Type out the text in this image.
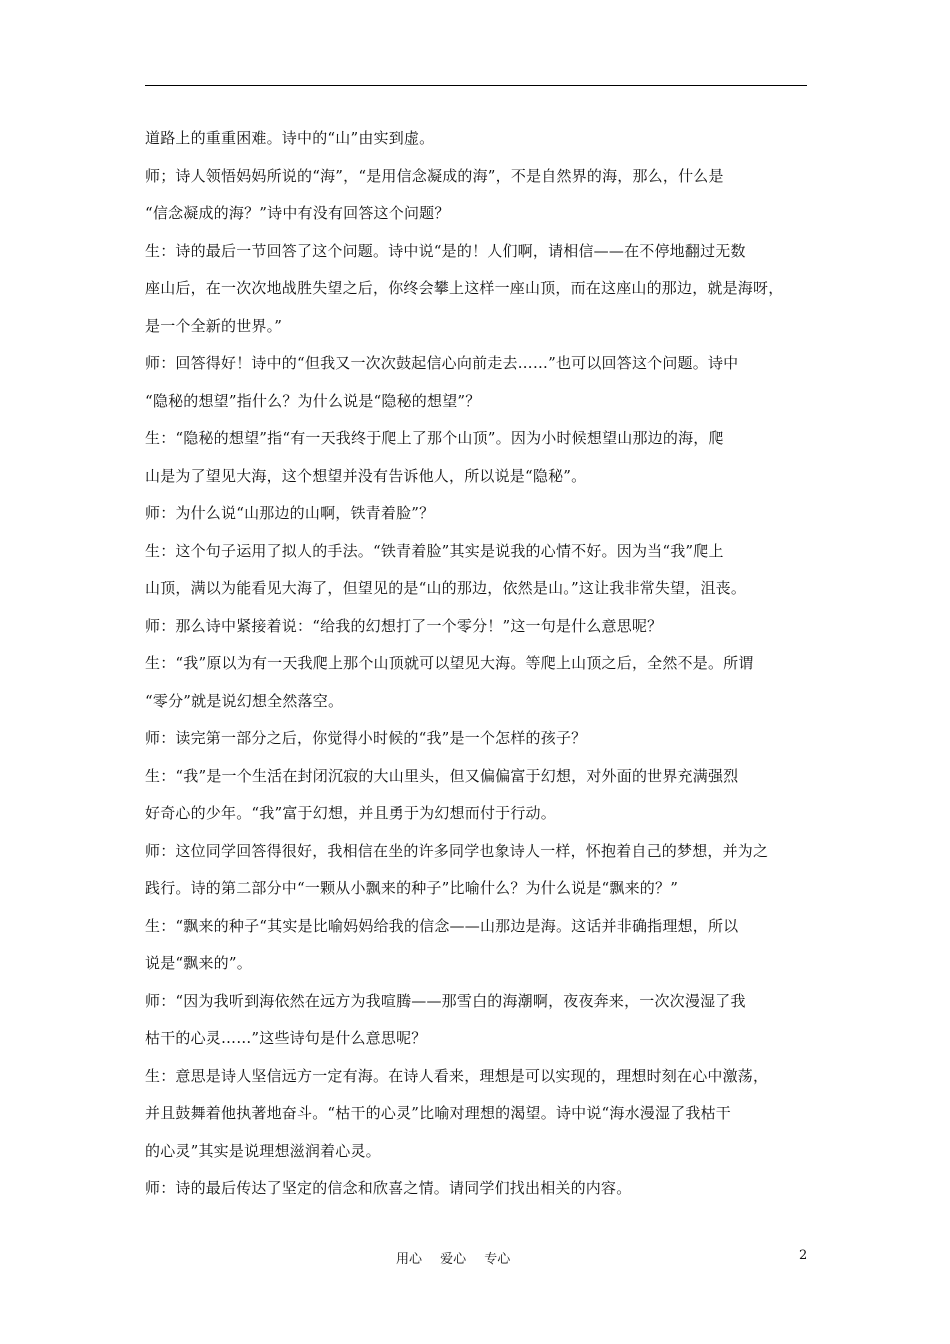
道路上的重重困难。诗中的“山”由实到虚。
师；诗人领悟妈妈所说的“海”，“是用信念凝成的海”，不是自然界的海，那么，什么是
“信念凝成的海？”诗中有没有回答这个问题？
生：诗的最后一节回答了这个问题。诗中说“是的！人们啊，请相信——在不停地翻过无数
座山后，在一次次地战胜失望之后，你终会攀上这样一座山顶，而在这座山的那边，就是海呀，
是一个全新的世界。”
师：回答得好！诗中的“但我又一次次鼓起信心向前走去……”也可以回答这个问题。诗中
“隐秘的想望”指什么？为什么说是“隐秘的想望”？
生：“隐秘的想望”指“有一天我终于爬上了那个山顶”。因为小时候想望山那边的海，爬
山是为了望见大海，这个想望并没有告诉他人，所以说是“隐秘”。
师：为什么说“山那边的山啊，铁青着脸”？
生：这个句子运用了拟人的手法。“铁青着脸”其实是说我的心情不好。因为当“我”爬上
山顶，满以为能看见大海了，但望见的是“山的那边，依然是山。”这让我非常失望，沮丧。
师：那么诗中紧接着说：“给我的幻想打了一个零分！”这一句是什么意思呢？
生：“我”原以为有一天我爬上那个山顶就可以望见大海。等爬上山顶之后，全然不是。所谓
“零分”就是说幻想全然落空。
师：读完第一部分之后，你觉得小时候的“我”是一个怎样的孩子？
生：“我”是一个生活在封闭沉寂的大山里头，但又偏偏富于幻想，对外面的世界充满强烈
好奇心的少年。“我”富于幻想，并且勇于为幻想而付于行动。
师：这位同学回答得很好，我相信在坐的许多同学也象诗人一样，怀抱着自己的梦想，并为之
践行。诗的第二部分中“一颗从小飘来的种子”比喻什么？为什么说是“飘来的？”
生：“飘来的种子“其实是比喻妈妈给我的信念——山那边是海。这话并非确指理想，所以
说是“飘来的”。
师：“因为我听到海依然在远方为我喧腾——那雪白的海潮啊，夜夜奔来，一次次漫湿了我
枯干的心灵……”这些诗句是什么意思呢？
生：意思是诗人坚信远方一定有海。在诗人看来，理想是可以实现的，理想时刻在心中激荡，
并且鼓舞着他执著地奋斗。“枯干的心灵”比喻对理想的渴望。诗中说“海水漫湿了我枯干
的心灵”其实是说理想滋润着心灵。
师：诗的最后传达了坚定的信念和欣喜之情。请同学们找出相关的内容。
用心 爱心 专心	2
